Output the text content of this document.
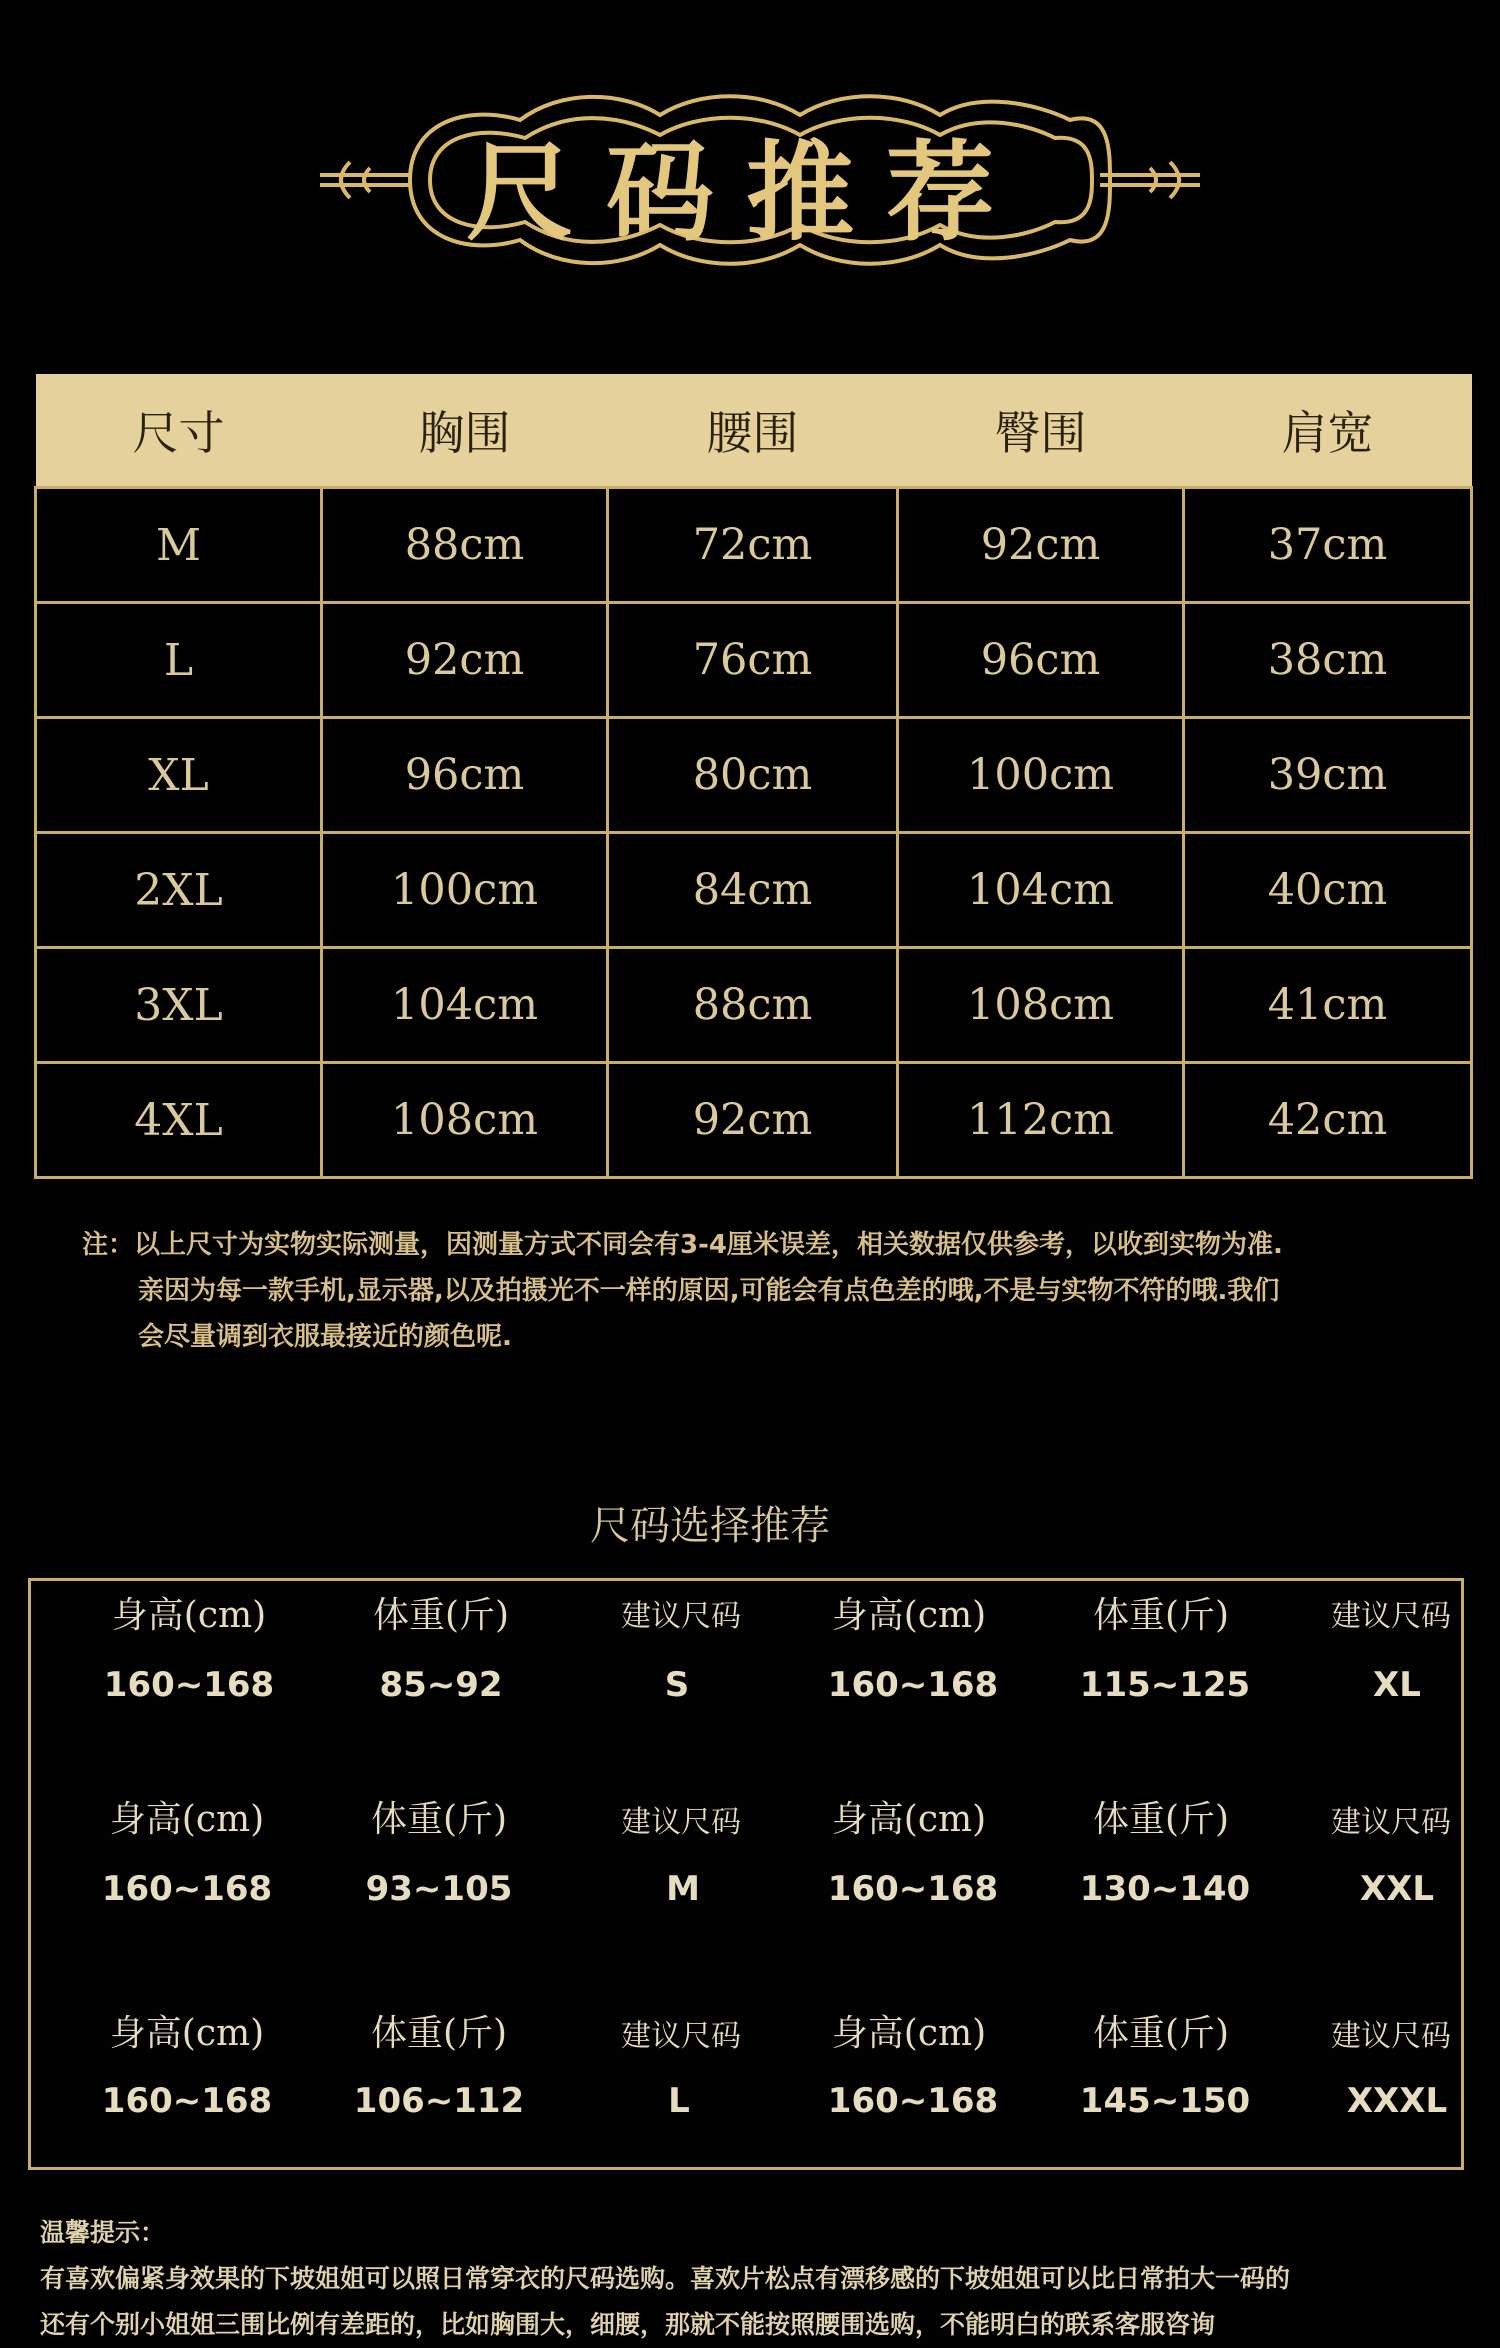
尺 码 推 荐
尺寸	胸围	腰围	臀围	肩宽
M	88cm	72cm	92cm	37cm
L	92cm	76cm	96cm	38cm
XL	96cm	80cm	100cm	39cm
2XL	100cm	84cm	104cm	40cm
3XL	104cm	88cm	108cm	41cm
4XL	108cm	92cm	112cm	42cm

注：以上尺寸为实物实际测量，因测量方式不同会有3-4厘米误差，相关数据仅供参考，以收到实物为准.

亲因为每一款手机,显示器,以及拍摄光不一样的原因,可能会有点色差的哦,不是与实物不符的哦.我们

会尽量调到衣服最接近的颜色呢.

尺码选择推荐
身高(cm)	体重(斤)	建议尺码	身高(cm)	体重(斤)	建议尺码
160~168	85~92	S	160~168	115~125	XL
身高(cm)	体重(斤)	建议尺码	身高(cm)	体重(斤)	建议尺码
160~168	93~105	M	160~168	130~140	XXL
身高(cm)	体重(斤)	建议尺码	身高(cm)	体重(斤)	建议尺码
160~168	106~112	L	160~168	145~150	XXXL

温馨提示：

有喜欢偏紧身效果的下坡姐姐可以照日常穿衣的尺码选购。喜欢片松点有漂移感的下坡姐姐可以比日常拍大一码的

还有个别小姐姐三围比例有差距的，比如胸围大，细腰，那就不能按照腰围选购，不能明白的联系客服咨询
